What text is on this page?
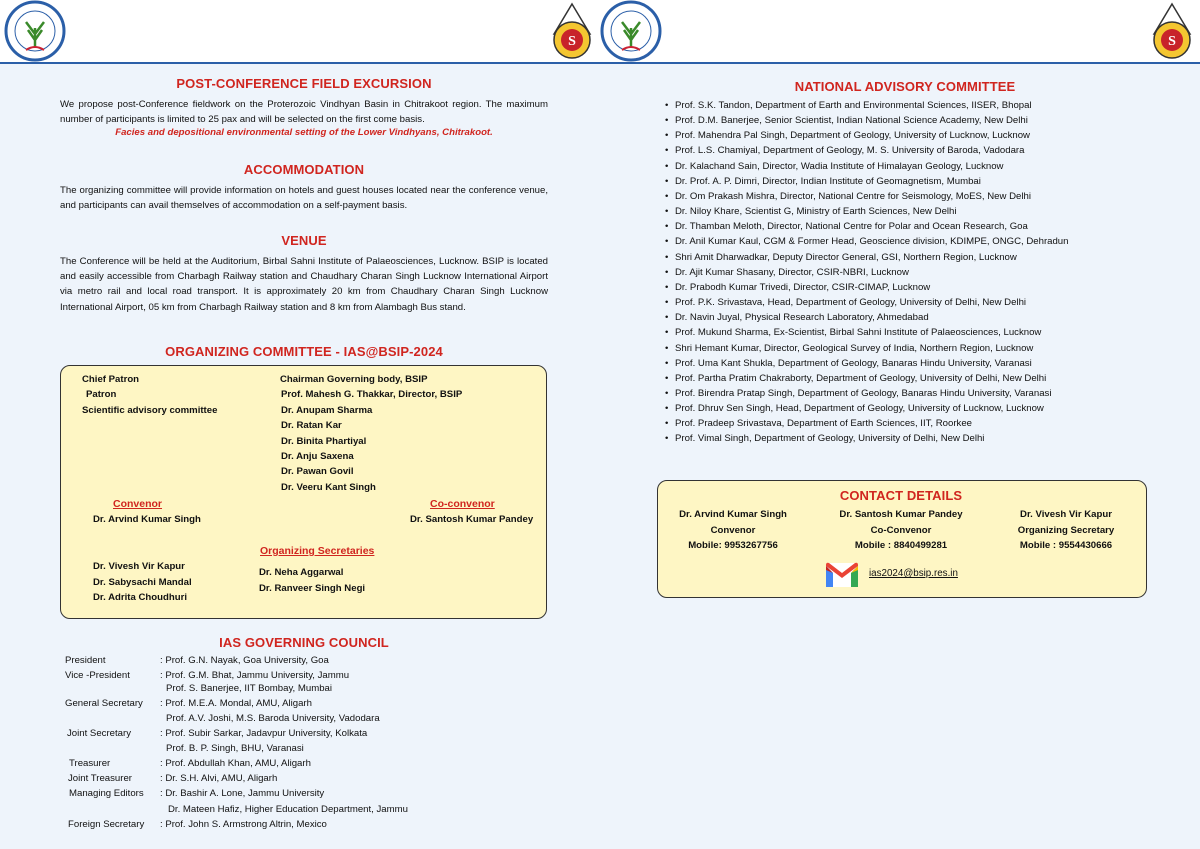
S	S
POST-CONFERENCE FIELD EXCURSION

We propose post-Conference fieldwork on the Proterozoic Vindhyan Basin in Chitrakoot region. The maximum number of participants is limited to 25 pax and will be selected on the first come basis.

Facies and depositional environmental setting of the Lower Vindhyans, Chitrakoot.
ACCOMMODATION

The organizing committee will provide information on hotels and guest houses located near the conference venue, and participants can avail themselves of accommodation on a self-payment basis.

VENUE

The Conference will be held at the Auditorium, Birbal Sahni Institute of Palaeosciences, Lucknow. BSIP is located and easily accessible from Charbagh Railway station and Chaudhary Charan Singh Lucknow International Airport via metro rail and local road transport. It is approximately 20 km from Chaudhary Charan Singh Lucknow International Airport, 05 km from Charbagh Railway station and 8 km from Alambagh Bus stand.

ORGANIZING COMMITTEE - IAS@BSIP-2024
Chief Patron	Chairman Governing body, BSIP
Patron	Prof. Mahesh G. Thakkar, Director, BSIP
Scientific advisory committee	Dr. Anupam Sharma
Dr. Ratan Kar
Dr. Binita Phartiyal
Dr. Anju Saxena
Dr. Pawan Govil
Dr. Veeru Kant Singh
Convenor
Dr. Arvind Kumar Singh
Co-convenor
Dr. Santosh Kumar Pandey
Organizing Secretaries
Dr. Vivesh Vir Kapur
Dr. Sabysachi Mandal
Dr. Adrita Choudhuri
Dr. Neha Aggarwal
Dr. Ranveer Singh Negi
IAS GOVERNING COUNCIL
President	: Prof. G.N. Nayak, Goa University, Goa
Vice -President	: Prof. G.M. Bhat, Jammu University, Jammu
Prof. S. Banerjee, IIT Bombay, Mumbai
General Secretary : Prof. M.E.A. Mondal, AMU, Aligarh
Prof. A.V. Joshi, M.S. Baroda University, Vadodara
Joint Secretary	: Prof. Subir Sarkar, Jadavpur University, Kolkata
Prof. B. P. Singh, BHU, Varanasi
Treasurer	: Prof. Abdullah Khan, AMU, Aligarh
Joint Treasurer	: Dr. S.H. Alvi, AMU, Aligarh
Managing Editors : Dr. Bashir A. Lone, Jammu University
Dr. Mateen Hafiz, Higher Education Department, Jammu
Foreign Secretary : Prof. John S. Armstrong Altrin, Mexico
NATIONAL ADVISORY COMMITTEE
• Prof. S.K. Tandon, Department of Earth and Environmental Sciences, IISER, Bhopal
• Prof. D.M. Banerjee, Senior Scientist, Indian National Science Academy, New Delhi
• Prof. Mahendra Pal Singh, Department of Geology, University of Lucknow, Lucknow
• Prof. L.S. Chamiyal, Department of Geology, M. S. University of Baroda, Vadodara
• Dr. Kalachand Sain, Director, Wadia Institute of Himalayan Geology, Lucknow
• Dr. Prof. A. P. Dimri, Director, Indian Institute of Geomagnetism, Mumbai
• Dr. Om Prakash Mishra, Director, National Centre for Seismology, MoES, New Delhi
• Dr. Niloy Khare, Scientist G, Ministry of Earth Sciences, New Delhi
• Dr. Thamban Meloth, Director, National Centre for Polar and Ocean Research, Goa
• Dr. Anil Kumar Kaul, CGM & Former Head, Geoscience division, KDIMPE, ONGC, Dehradun
• Shri Amit Dharwadkar, Deputy Director General, GSI, Northern Region, Lucknow
• Dr. Ajit Kumar Shasany, Director, CSIR-NBRI, Lucknow
• Dr. Prabodh Kumar Trivedi, Director, CSIR-CIMAP, Lucknow
• Prof. P.K. Srivastava, Head, Department of Geology, University of Delhi, New Delhi
• Dr. Navin Juyal, Physical Research Laboratory, Ahmedabad
• Prof. Mukund Sharma, Ex-Scientist, Birbal Sahni Institute of Palaeosciences, Lucknow
• Shri Hemant Kumar, Director, Geological Survey of India, Northern Region, Lucknow
• Prof. Uma Kant Shukla, Department of Geology, Banaras Hindu University, Varanasi
• Prof. Partha Pratim Chakraborty, Department of Geology, University of Delhi, New Delhi
• Prof. Birendra Pratap Singh, Department of Geology, Banaras Hindu University, Varanasi
• Prof. Dhruv Sen Singh, Head, Department of Geology, University of Lucknow, Lucknow
• Prof. Pradeep Srivastava, Department of Earth Sciences, IIT, Roorkee
• Prof. Vimal Singh, Department of Geology, University of Delhi, New Delhi
CONTACT DETAILS
Dr. Arvind Kumar Singh
Convenor
Mobile: 9953267756
Dr. Santosh Kumar Pandey
Co-Convenor
Mobile : 8840499281
Dr. Vivesh Vir Kapur
Organizing Secretary
Mobile : 9554430666
ias2024@bsip.res.in
